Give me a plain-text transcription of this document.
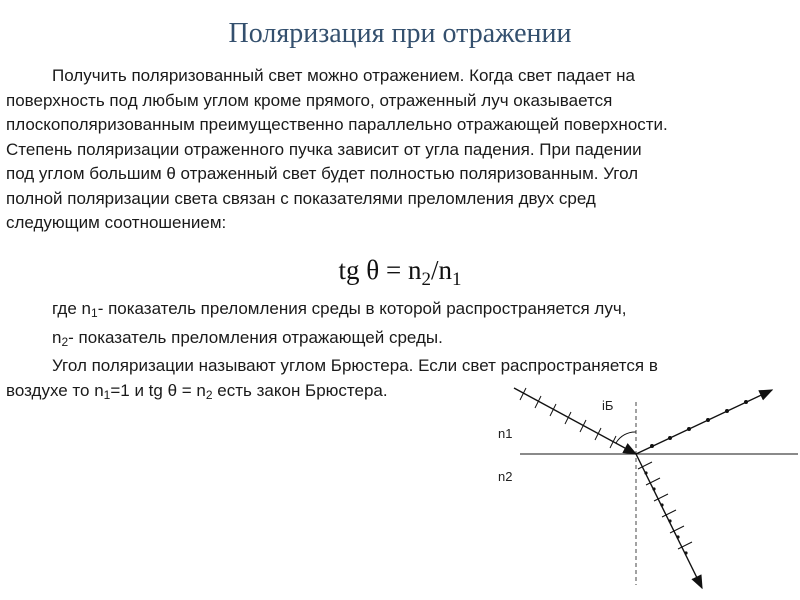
Поляризация при отражении

Получить поляризованный свет можно отражением. Когда свет падает на

поверхность под любым углом кроме прямого, отраженный луч оказывается

плоскополяризованным преимущественно параллельно отражающей поверхности.

Степень поляризации отраженного пучка зависит от угла падения. При падении

под углом большим θ отраженный свет будет полностью поляризованным. Угол

полной поляризации света связан с показателями преломления двух сред

следующим соотношением:

tg $\theta = n_2/n_1$

где $n_1-$ показатель преломления среды в которой распространяется луч,

$n_2-$ показатель преломления отражающей среды.

Угол поляризации называют углом Брюстера. Если свет распространяется в

воздухе то $n_1=1$ и tg $\theta = n_2$ есть закон Брюстера.

iБ
n1
n2
